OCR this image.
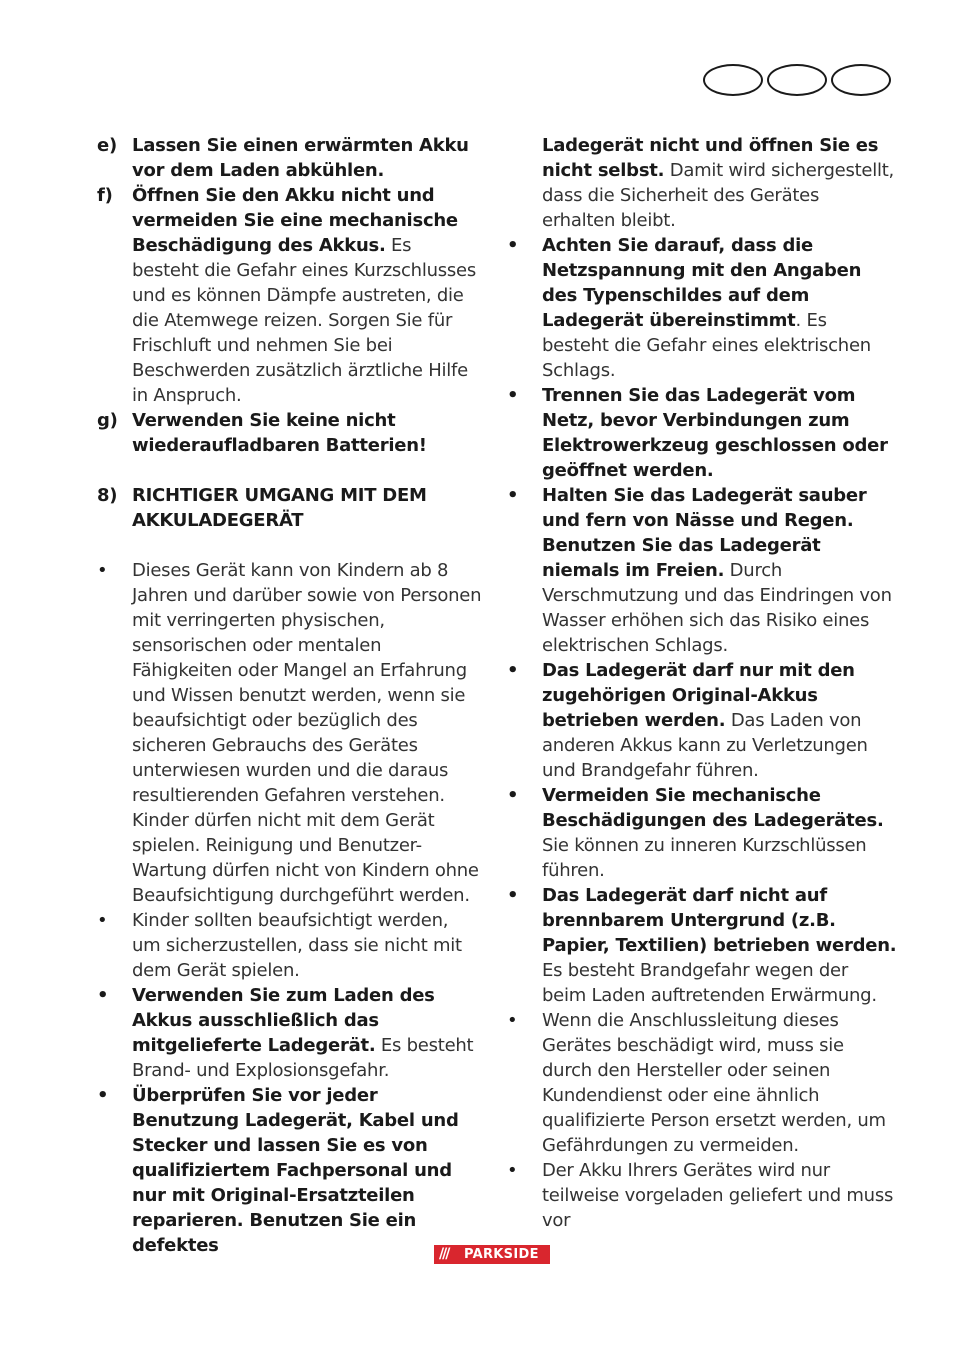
e) Lassen Sie einen erwärmten Akku vor dem Laden abkühlen.
f)	Öffnen Sie den Akku nicht und vermeiden Sie eine mechanische Beschädigung des Akkus. Es besteht die Gefahr eines Kurzschlusses und es können Dämpfe austreten, die die Atemwege reizen. Sorgen Sie für Frischluft und nehmen Sie bei Beschwerden zusätzlich ärztliche Hilfe in Anspruch.
g) Verwenden Sie keine nicht wiederaufladbaren Batterien!
8) RICHTIGER UMGANG MIT DEM AKKULADEGERÄT
•	Dieses Gerät kann von Kindern ab 8 Jahren und darüber sowie von Personen mit verringerten physischen, sensorischen oder mentalen Fähigkeiten oder Mangel an Erfahrung und Wissen benutzt werden, wenn sie beaufsichtigt oder bezüglich des sicheren Gebrauchs des Gerätes unterwiesen wurden und die daraus resultierenden Gefahren verstehen. Kinder dürfen nicht mit dem Gerät spielen. Reinigung und Benutzer-Wartung dürfen nicht von Kindern ohne Beaufsichtigung durchgeführt werden.
•	Kinder sollten beaufsichtigt werden, um sicherzustellen, dass sie nicht mit dem Gerät spielen.
•	Verwenden Sie zum Laden des Akkus ausschließlich das mitgelieferte Ladegerät. Es besteht Brand- und Explosionsgefahr.
•	Überprüfen Sie vor jeder Benutzung Ladegerät, Kabel und Stecker und lassen Sie es von qualifiziertem Fachpersonal und nur mit Original-Ersatzteilen reparieren. Benutzen Sie ein defektes
Ladegerät nicht und öffnen Sie es nicht selbst. Damit wird sichergestellt, dass die Sicherheit des Gerätes erhalten bleibt.
•	Achten Sie darauf, dass die Netzspannung mit den Angaben des Typenschildes auf dem Ladegerät übereinstimmt. Es besteht die Gefahr eines elektrischen Schlags.
•	Trennen Sie das Ladegerät vom Netz, bevor Verbindungen zum Elektrowerkzeug geschlossen oder geöffnet werden.
•	Halten Sie das Ladegerät sauber und fern von Nässe und Regen. Benutzen Sie das Ladegerät niemals im Freien. Durch Verschmutzung und das Eindringen von Wasser erhöhen sich das Risiko eines elektrischen Schlags.
•	Das Ladegerät darf nur mit den zugehörigen Original-Akkus betrieben werden. Das Laden von anderen Akkus kann zu Verletzungen und Brandgefahr führen.
•	Vermeiden Sie mechanische Beschädigungen des Ladegerätes. Sie können zu inneren Kurzschlüssen führen.
•	Das Ladegerät darf nicht auf brennbarem Untergrund (z.B. Papier, Textilien) betrieben werden. Es besteht Brandgefahr wegen der beim Laden auftretenden Erwärmung.
•	Wenn die Anschlussleitung dieses Gerätes beschädigt wird, muss sie durch den Hersteller oder seinen Kundendienst oder eine ähnlich qualifizierte Person ersetzt werden, um Gefährdungen zu vermeiden.
•	Der Akku Ihrers Gerätes wird nur teilweise vorgeladen geliefert und muss vor
/// PARKSIDE
